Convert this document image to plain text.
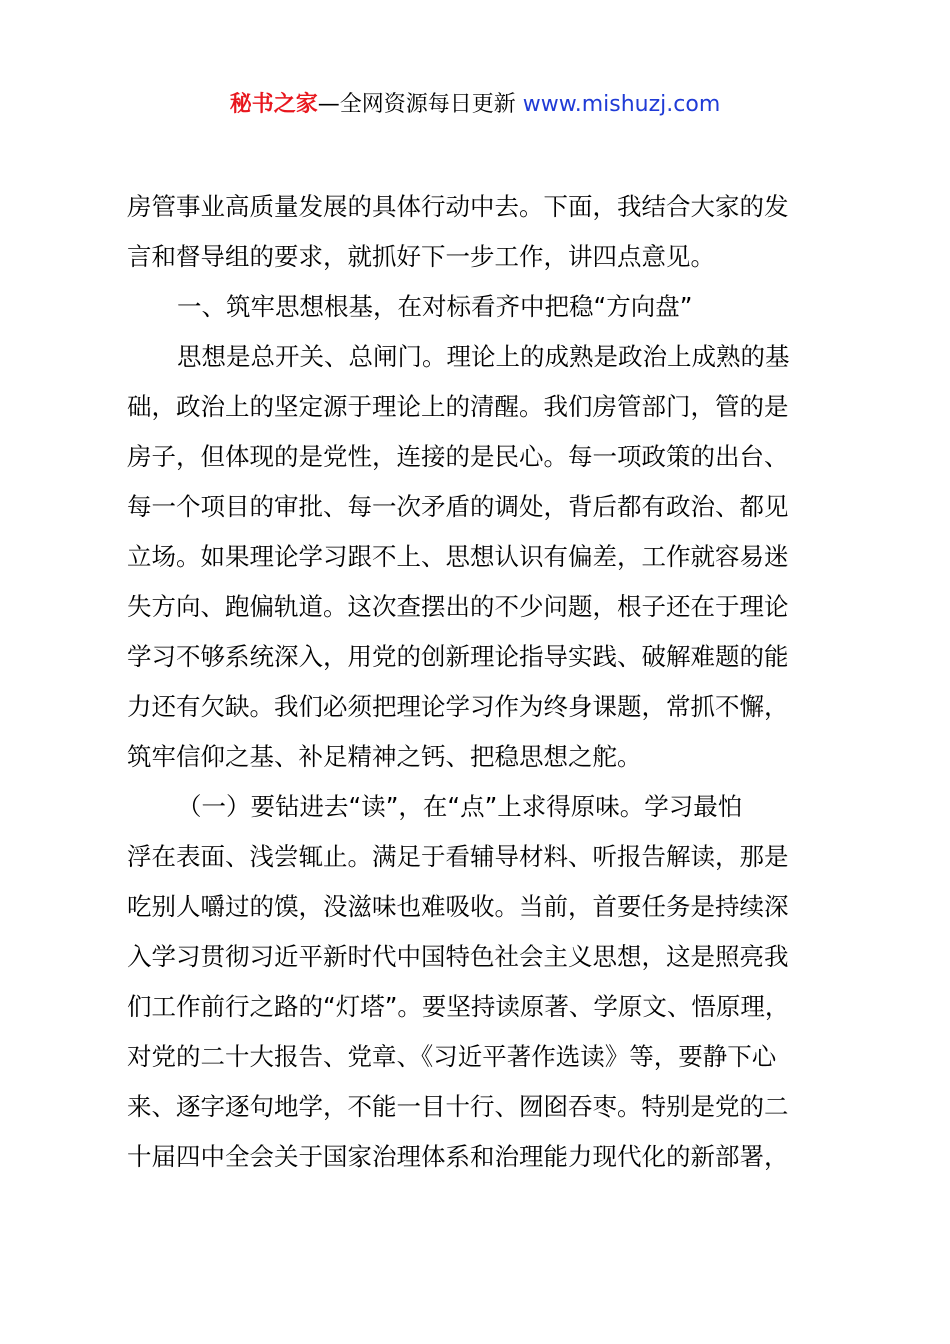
秘书之家—全网资源每日更新 www.mishuzj.com
房管事业高质量发展的具体行动中去。下面，我结合大家的发
言和督导组的要求，就抓好下一步工作，讲四点意见。
一、筑牢思想根基，在对标看齐中把稳“方向盘”
思想是总开关、总闸门。理论上的成熟是政治上成熟的基
础，政治上的坚定源于理论上的清醒。我们房管部门，管的是
房子，但体现的是党性，连接的是民心。每一项政策的出台、
每一个项目的审批、每一次矛盾的调处，背后都有政治、都见
立场。如果理论学习跟不上、思想认识有偏差，工作就容易迷
失方向、跑偏轨道。这次查摆出的不少问题，根子还在于理论
学习不够系统深入，用党的创新理论指导实践、破解难题的能
力还有欠缺。我们必须把理论学习作为终身课题，常抓不懈，
筑牢信仰之基、补足精神之钙、把稳思想之舵。
（一）要钻进去“读”，在“点”上求得原味。学习最怕
浮在表面、浅尝辄止。满足于看辅导材料、听报告解读，那是
吃别人嚼过的馍，没滋味也难吸收。当前，首要任务是持续深
入学习贯彻习近平新时代中国特色社会主义思想，这是照亮我
们工作前行之路的“灯塔”。要坚持读原著、学原文、悟原理，
对党的二十大报告、党章、《习近平著作选读》等，要静下心
来、逐字逐句地学，不能一目十行、囫囵吞枣。特别是党的二
十届四中全会关于国家治理体系和治理能力现代化的新部署，
